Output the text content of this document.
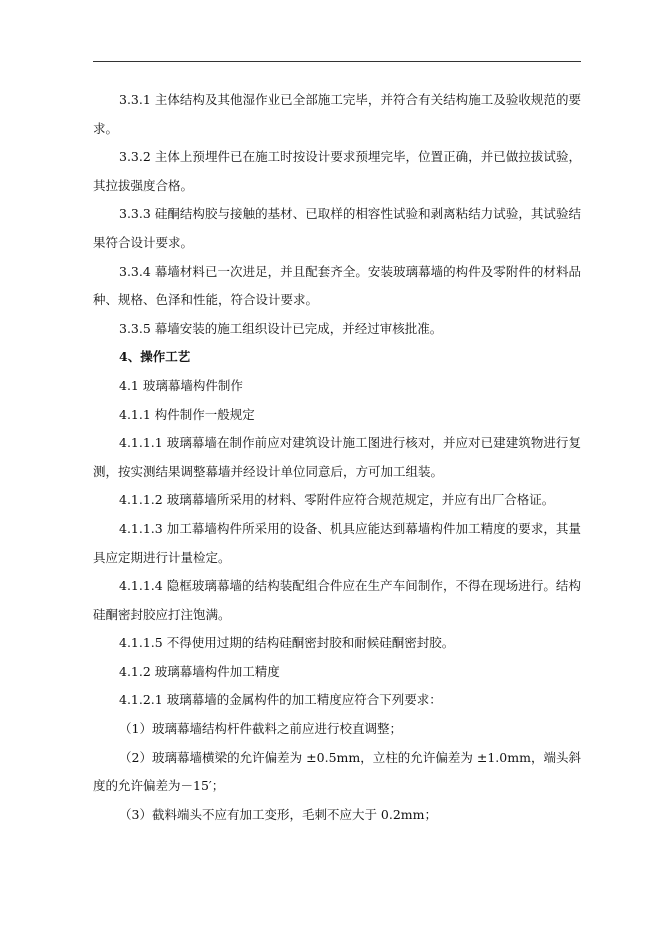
3.3.1 主体结构及其他湿作业已全部施工完毕，并符合有关结构施工及验收规范的要求。

3.3.2 主体上预埋件已在施工时按设计要求预埋完毕，位置正确，并已做拉拔试验，其拉拔强度合格。

3.3.3 硅酮结构胶与接触的基材、已取样的相容性试验和剥离粘结力试验，其试验结果符合设计要求。

3.3.4 幕墙材料已一次进足，并且配套齐全。安装玻璃幕墙的构件及零附件的材料品种、规格、色泽和性能，符合设计要求。

3.3.5 幕墙安装的施工组织设计已完成，并经过审核批准。

4、操作工艺

4.1 玻璃幕墙构件制作

4.1.1 构件制作一般规定

4.1.1.1 玻璃幕墙在制作前应对建筑设计施工图进行核对，并应对已建建筑物进行复测，按实测结果调整幕墙并经设计单位同意后，方可加工组装。

4.1.1.2 玻璃幕墙所采用的材料、零附件应符合规范规定，并应有出厂合格证。

4.1.1.3 加工幕墙构件所采用的设备、机具应能达到幕墙构件加工精度的要求，其量具应定期进行计量检定。

4.1.1.4 隐框玻璃幕墙的结构装配组合件应在生产车间制作，不得在现场进行。结构硅酮密封胶应打注饱满。

4.1.1.5 不得使用过期的结构硅酮密封胶和耐候硅酮密封胶。

4.1.2 玻璃幕墙构件加工精度

4.1.2.1 玻璃幕墙的金属构件的加工精度应符合下列要求：

（1）玻璃幕墙结构杆件截料之前应进行校直调整；

（2）玻璃幕墙横梁的允许偏差为 ±0.5mm，立柱的允许偏差为 ±1.0mm，端头斜度的允许偏差为－15′；

（3）截料端头不应有加工变形，毛刺不应大于 0.2mm；
